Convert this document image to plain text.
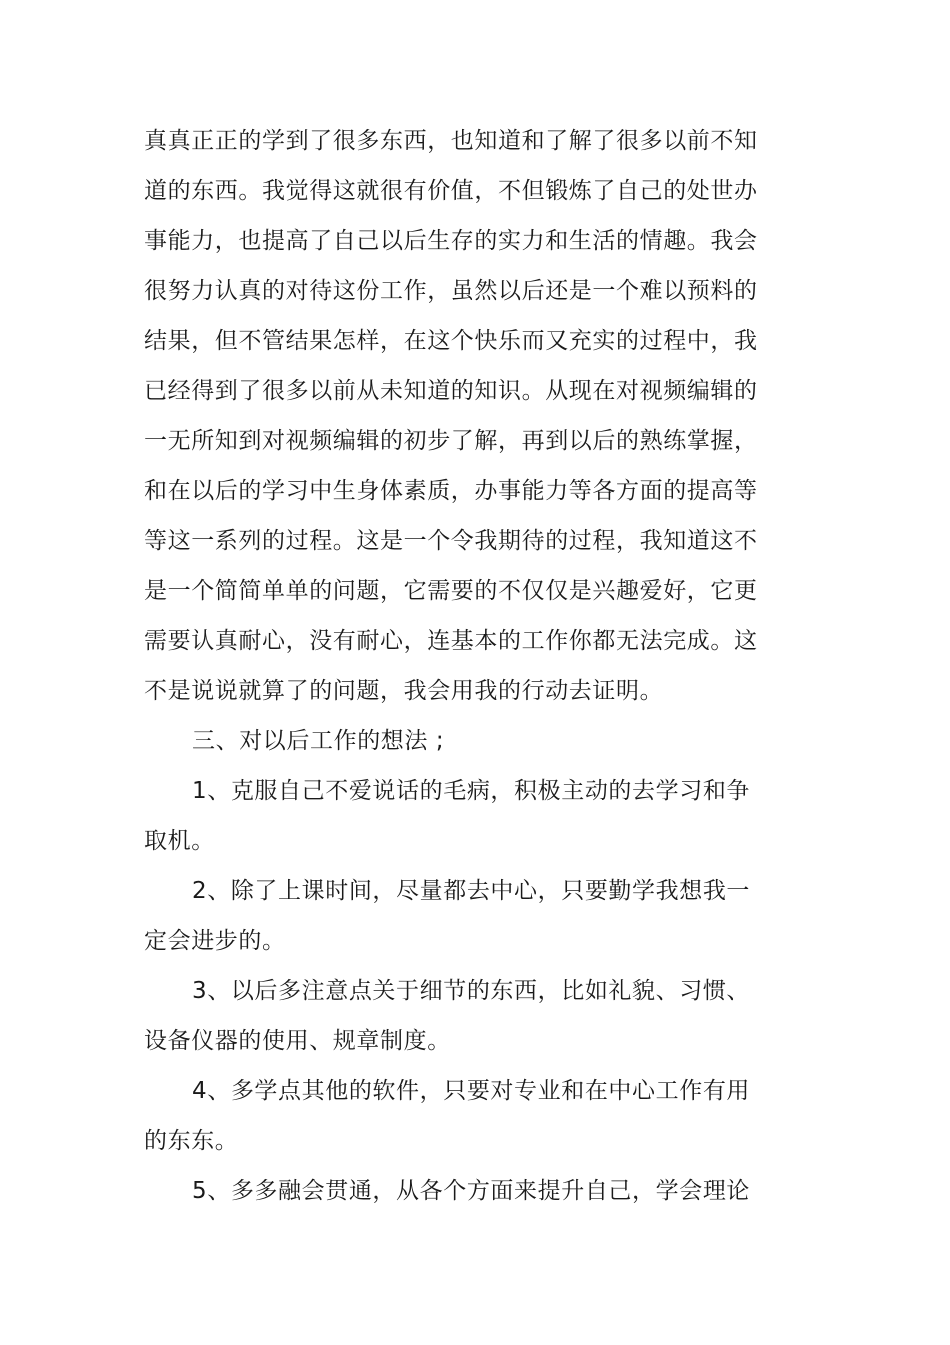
真真正正的学到了很多东西，也知道和了解了很多以前不知
道的东西。我觉得这就很有价值，不但锻炼了自己的处世办
事能力，也提高了自己以后生存的实力和生活的情趣。我会
很努力认真的对待这份工作，虽然以后还是一个难以预料的
结果，但不管结果怎样，在这个快乐而又充实的过程中，我
已经得到了很多以前从未知道的知识。从现在对视频编辑的
一无所知到对视频编辑的初步了解，再到以后的熟练掌握，
和在以后的学习中生身体素质，办事能力等各方面的提高等
等这一系列的过程。这是一个令我期待的过程，我知道这不
是一个简简单单的问题，它需要的不仅仅是兴趣爱好，它更
需要认真耐心，没有耐心，连基本的工作你都无法完成。这
不是说说就算了的问题，我会用我的行动去证明。
三、对以后工作的想法 ;
1、克服自己不爱说话的毛病，积极主动的去学习和争
取机。
2、除了上课时间，尽量都去中心，只要勤学我想我一
定会进步的。
3、以后多注意点关于细节的东西，比如礼貌、习惯、
设备仪器的使用、规章制度。
4、多学点其他的软件，只要对专业和在中心工作有用
的东东。
5、多多融会贯通，从各个方面来提升自己，学会理论
